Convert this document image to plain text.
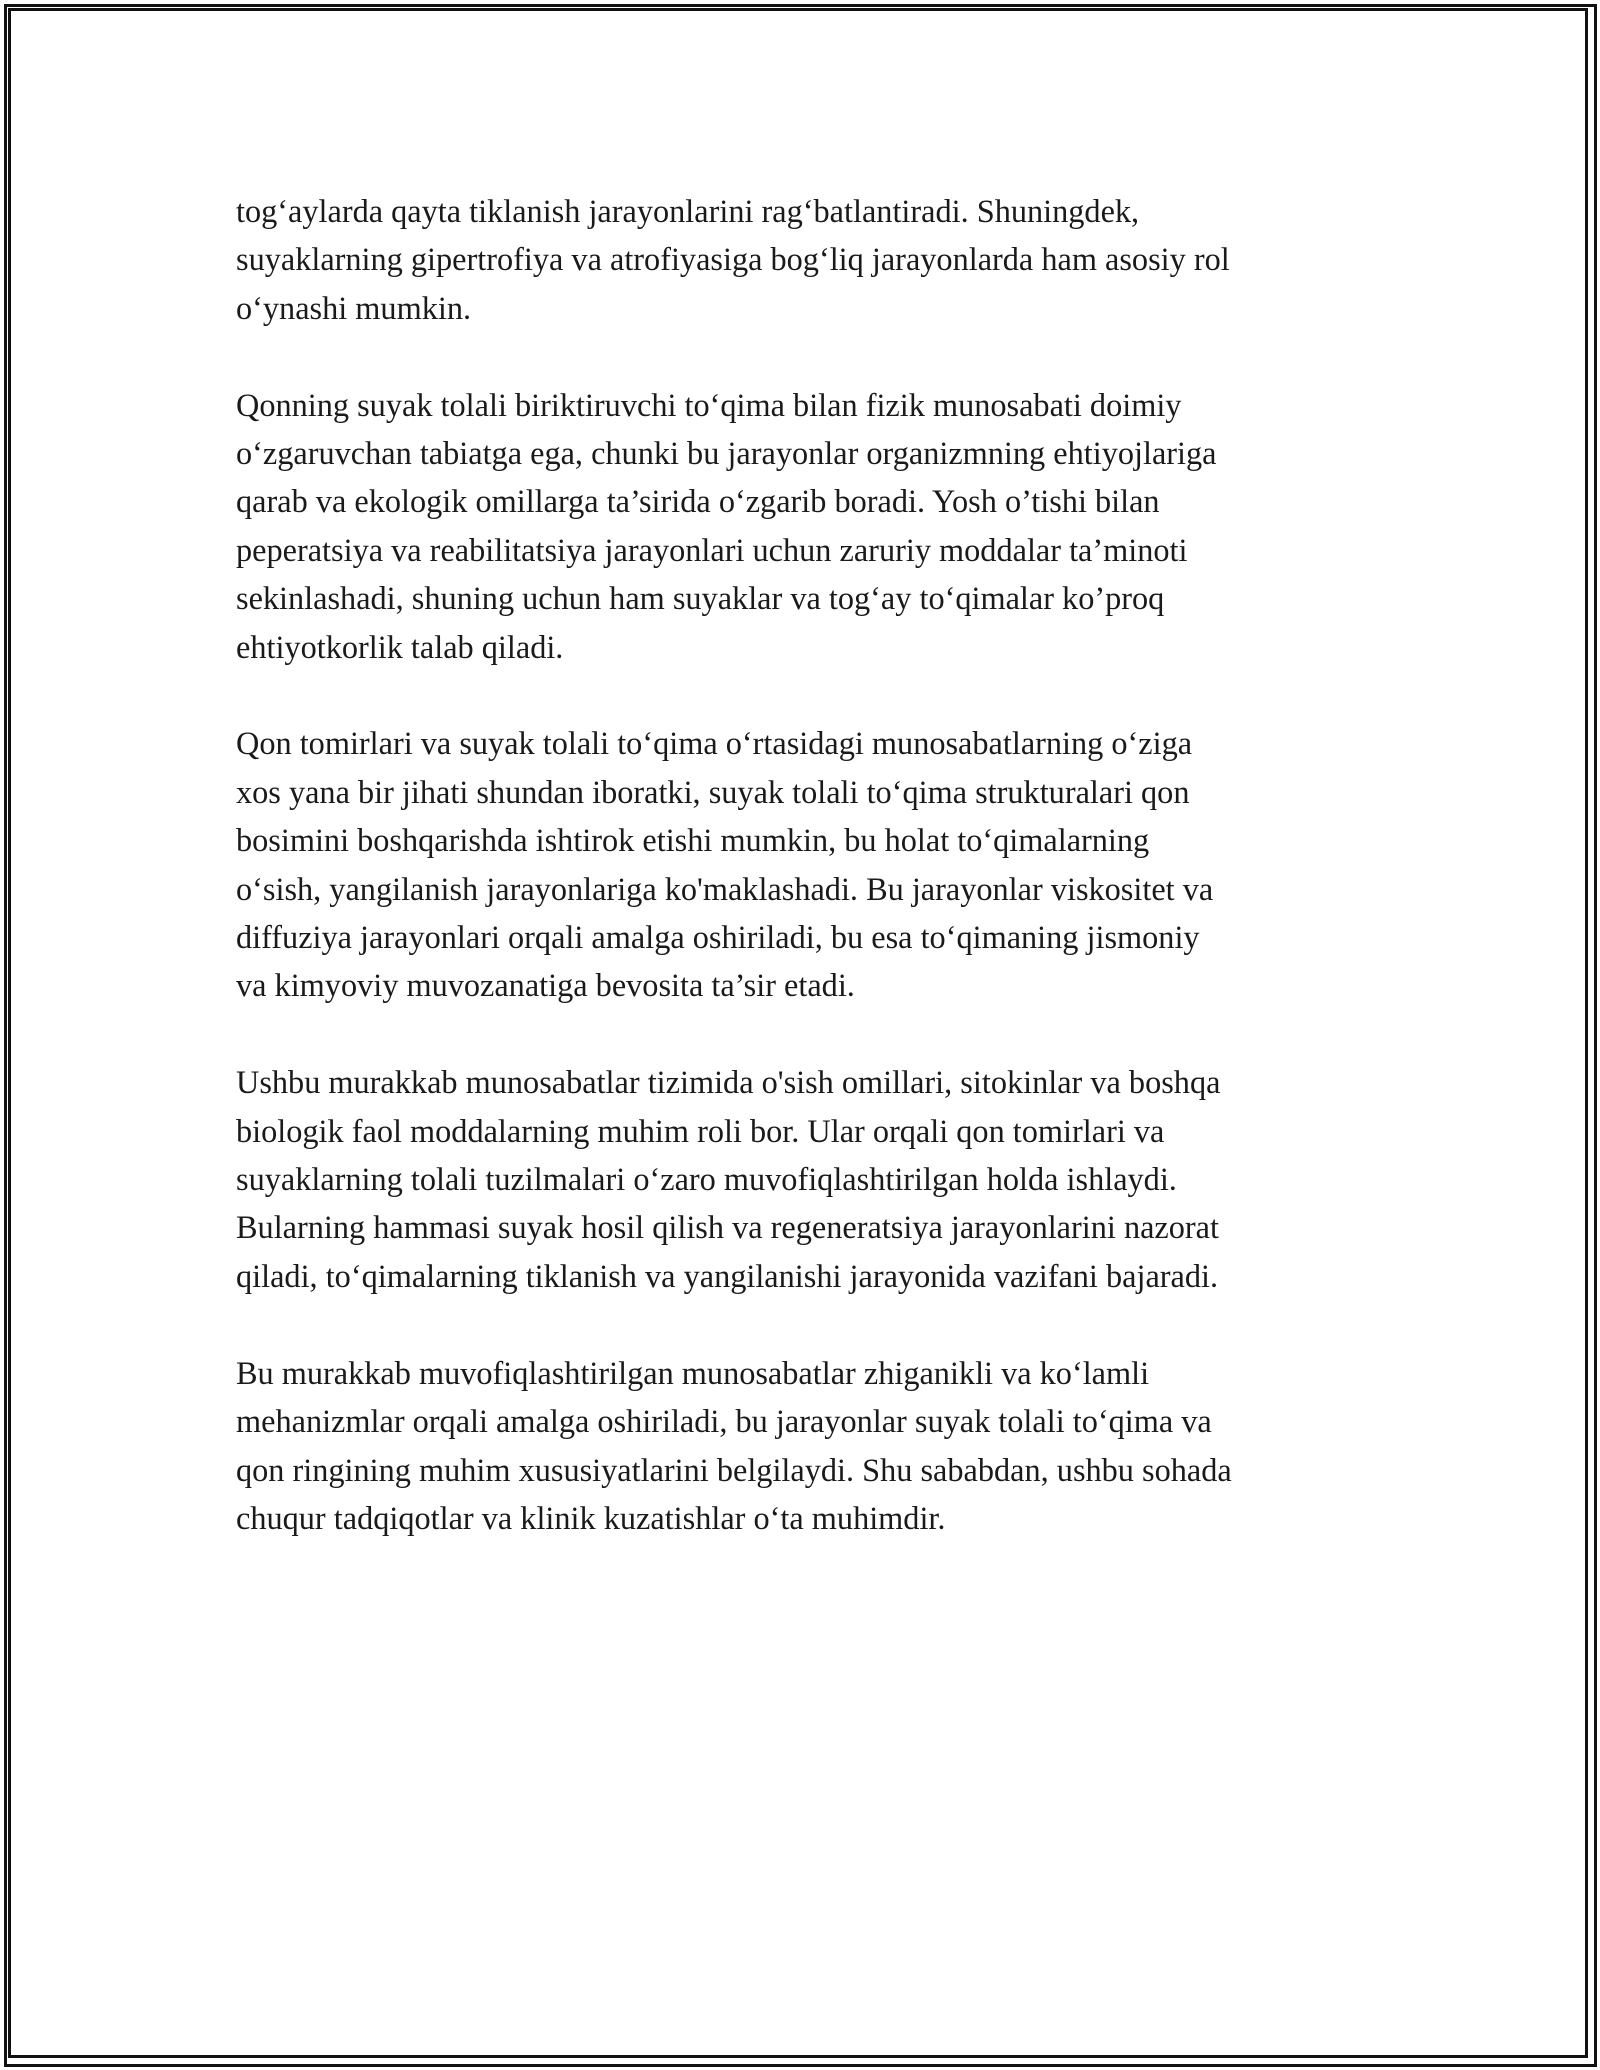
tog‘aylarda qayta tiklanish jarayonlarini rag‘batlantiradi. Shuningdek,
suyaklarning gipertrofiya va atrofiyasiga bog‘liq jarayonlarda ham asosiy rol
o‘ynashi mumkin.

Qonning suyak tolali biriktiruvchi to‘qima bilan fizik munosabati doimiy
o‘zgaruvchan tabiatga ega, chunki bu jarayonlar organizmning ehtiyojlariga
qarab va ekologik omillarga ta’sirida o‘zgarib boradi. Yosh o’tishi bilan
peperatsiya va reabilitatsiya jarayonlari uchun zaruriy moddalar ta’minoti
sekinlashadi, shuning uchun ham suyaklar va tog‘ay to‘qimalar ko’proq
ehtiyotkorlik talab qiladi.

Qon tomirlari va suyak tolali to‘qima o‘rtasidagi munosabatlarning o‘ziga
xos yana bir jihati shundan iboratki, suyak tolali to‘qima strukturalari qon
bosimini boshqarishda ishtirok etishi mumkin, bu holat to‘qimalarning
o‘sish, yangilanish jarayonlariga ko'maklashadi. Bu jarayonlar viskositet va
diffuziya jarayonlari orqali amalga oshiriladi, bu esa to‘qimaning jismoniy
va kimyoviy muvozanatiga bevosita ta’sir etadi.

Ushbu murakkab munosabatlar tizimida o'sish omillari, sitokinlar va boshqa
biologik faol moddalarning muhim roli bor. Ular orqali qon tomirlari va
suyaklarning tolali tuzilmalari o‘zaro muvofiqlashtirilgan holda ishlaydi.
Bularning hammasi suyak hosil qilish va regeneratsiya jarayonlarini nazorat
qiladi, to‘qimalarning tiklanish va yangilanishi jarayonida vazifani bajaradi.

Bu murakkab muvofiqlashtirilgan munosabatlar zhiganikli va ko‘lamli
mehanizmlar orqali amalga oshiriladi, bu jarayonlar suyak tolali to‘qima va
qon ringining muhim xususiyatlarini belgilaydi. Shu sababdan, ushbu sohada
chuqur tadqiqotlar va klinik kuzatishlar o‘ta muhimdir.
